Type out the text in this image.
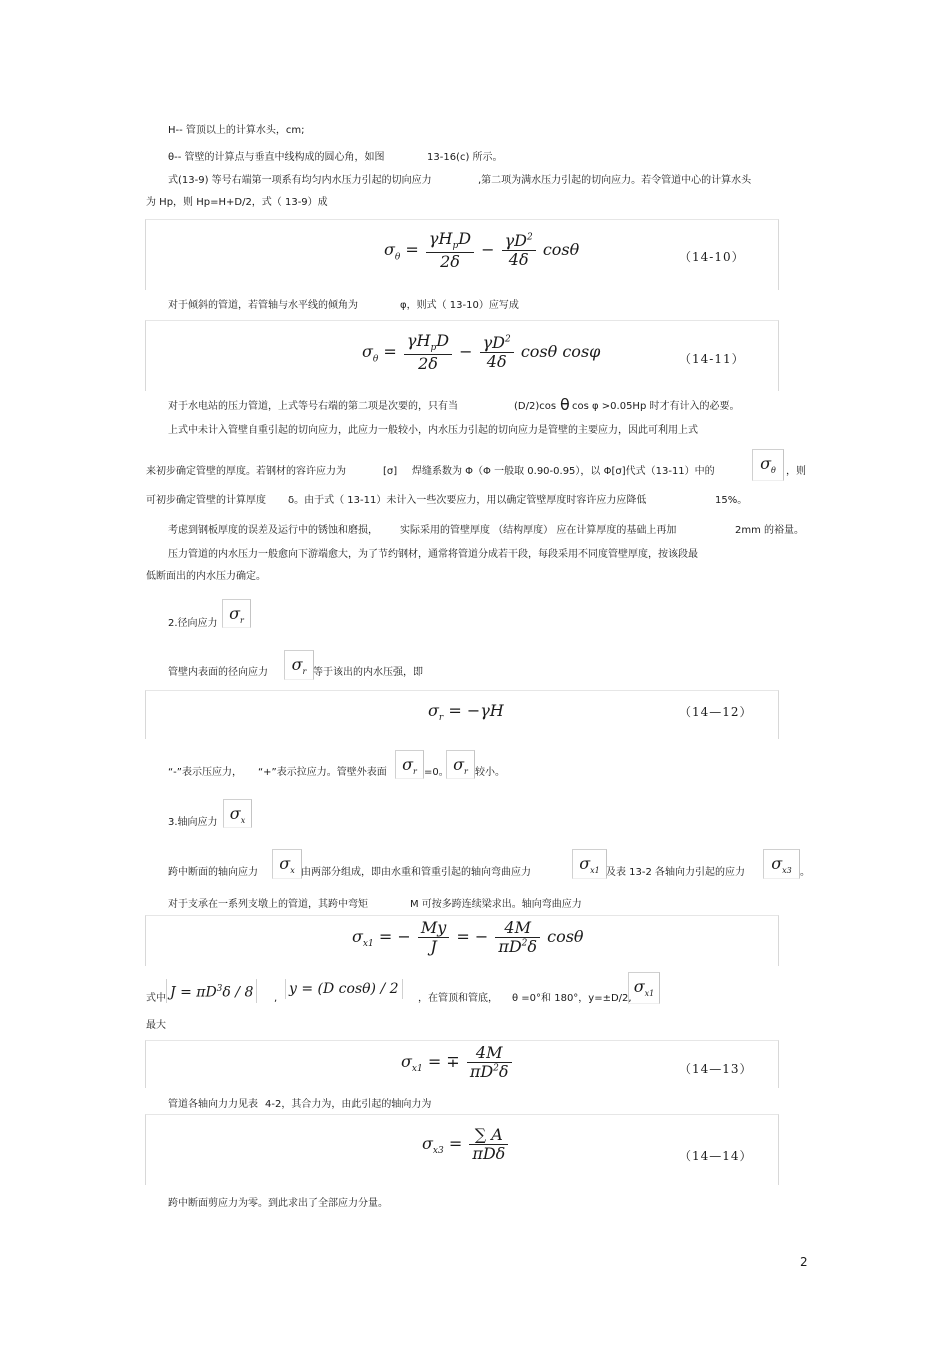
H-- 管顶以上的计算水头，cm;
θ-- 管壁的计算点与垂直中线构成的圆心角，如图	13-16(c) 所示。
式(13-9) 等号右端第一项系有均匀内水压力引起的切向应力	,第二项为满水压力引起的切向应力。若令管道中心的计算水头
为 Hp，则 Hp=H+D/2，式（ 13-9）成
$\sigma_\theta = \frac{\gamma H_pD}{2\delta} - \frac{\gamma D^2}{4\delta}$ cosθ	（14-10）
对于倾斜的管道，若管轴与水平线的倾角为	φ，则式（ 13-10）应写成
$\sigma_\theta = \frac{\gamma H_pD}{2\delta} - \frac{\gamma D^2}{4\delta}$ cosθ cosφ	（14-11）
对于水电站的压力管道，上式等号右端的第二项是次要的，只有当	(D/2)cos θ cos φ >0.05Hp 时才有计入的必要。
上式中未计入管壁自重引起的切向应力，此应力一般较小，内水压力引起的切向应力是管壁的主要应力，因此可利用上式
来初步确定管壁的厚度。若钢材的容许应力为	[σ] 焊缝系数为 Φ（Φ 一般取 0.90-0.95），以 Φ[σ]代式（13-11）中的	$\sigma_\theta$	，则
可初步确定管壁的计算厚度 δ。由于式（ 13-11）未计入一些次要应力，用以确定管壁厚度时容许应力应降低	15%。
考虑到钢板厚度的误差及运行中的锈蚀和磨损， 实际采用的管壁厚度 （结构厚度） 应在计算厚度的基础上再加	2mm 的裕量。
压力管道的内水压力一般愈向下游端愈大，为了节约钢材，通常将管道分成若干段，每段采用不同度管壁厚度，按该段最
低断面出的内水压力确定。
2.径向应力
$\sigma_r$
管壁内表面的径向应力	$\sigma_r$ 等于该出的内水压强，即
$\sigma_r = -\gamma H$	（14—12）
“-”表示压应力， “+”表示拉应力。管壁外表面 $\sigma_r =0$。 $\sigma_r$ 较小。
3.轴向应力 $\sigma_x$
跨中断面的轴向应力	$\sigma_x$ 由两部分组成，即由水重和管重引起的轴向弯曲应力	$\sigma_{x1}$ 及表 13-2 各轴向力引起的应力	$\sigma_{x3}$ 。
对于支承在一系列支墩上的管道，其跨中弯矩	M 可按多跨连续梁求出。轴向弯曲应力
$\sigma_{x1}$ = − $\frac{My}{J}$ = − $\frac{4M}{\pi D^2\delta}$ cosθ
式中 $J = \pi D^3\delta / 8$	,
y = (D cosθ) / 2
，在管顶和管底， θ =0°和 180°，y=±D/2,
$\sigma_{x1}$
最大
$\sigma_{x1}$ = ∓ $\frac{4M}{\pi D^2\delta}$	（14—13）
管道各轴向力力见表 4-2，其合力为，由此引起的轴向力为
$\sigma_{x3} = \frac{\sum A}{\text{πDδ}}$	（14—14）
跨中断面剪应力为零。到此求出了全部应力分量。
2
